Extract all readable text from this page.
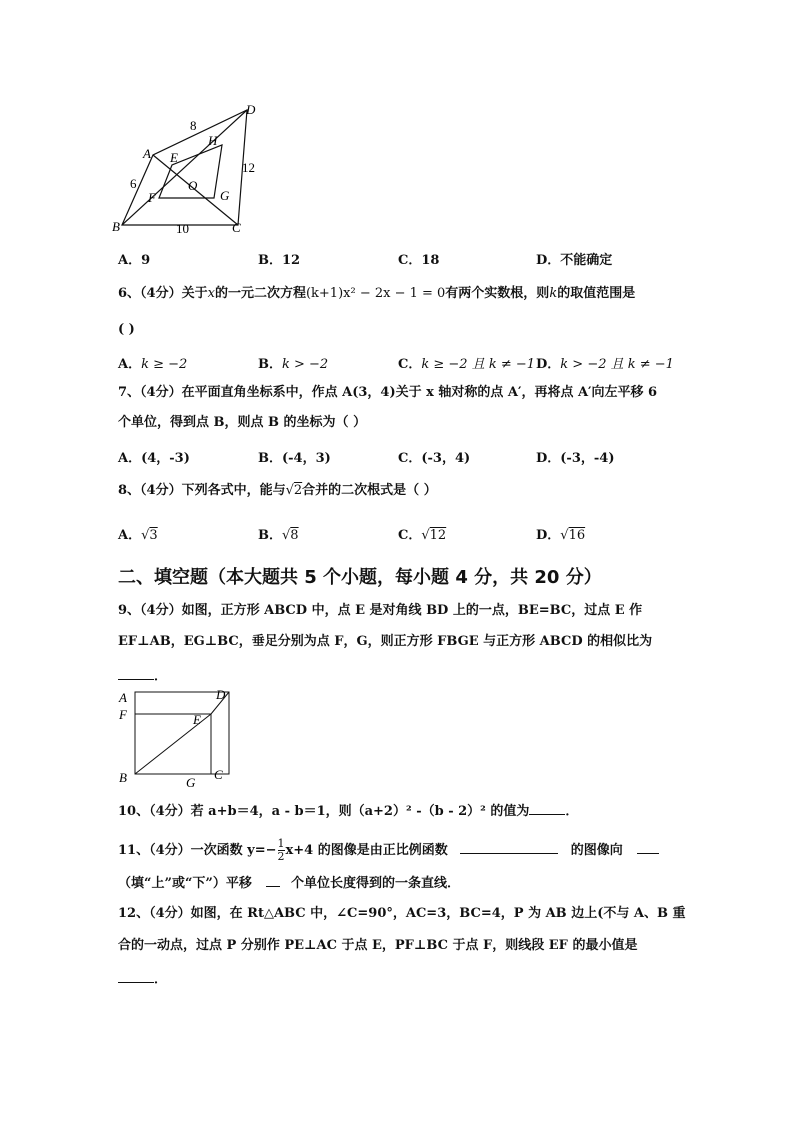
A
B	C
D
E
F	G
H
O
6
8
10
12
A．9	B．12	C．18	D．不能确定
6、（4分）关于x的一元二次方程(k+1)x² − 2x − 1 = 0有两个实数根，则k的取值范围是
( )
A．k ≥ −2	B．k > −2	C．k ≥ −2 且 k ≠ −1 D．k > −2 且 k ≠ −1
7、（4分）在平面直角坐标系中，作点 A(3，4)关于 x 轴对称的点 A′，再将点 A′向左平移 6
个单位，得到点 B，则点 B 的坐标为（ ）
A．(4，-3)	B．(-4，3)	C．(-3，4)	D．(-3，-4)
8、（4分）下列各式中，能与√2合并的二次根式是（ ）
A．√3	B．√8	C．√12	D．√16
二、填空题（本大题共 5 个小题，每小题 4 分，共 20 分）
9、（4分）如图，正方形 ABCD 中，点 E 是对角线 BD 上的一点，BE=BC，过点 E 作
EF⊥AB，EG⊥BC，垂足分别为点 F，G，则正方形 FBGE 与正方形 ABCD 的相似比为
．
A
F
B
D
E
C
G
10、（4分）若 a+b＝4，a - b＝1，则（a+2）² -（b - 2）² 的值为	．
11、（4分）一次函数 $y=- \frac{1}{2} x+4$ 的图像是由正比例函数	的图像向
（填“上”或“下”）平移	个单位长度得到的一条直线．
12、（4分）如图，在 Rt△ABC 中，∠C=90°，AC=3，BC=4，P 为 AB 边上(不与 A、B 重
合的一动点，过点 P 分别作 PE⊥AC 于点 E，PF⊥BC 于点 F，则线段 EF 的最小值是
．
